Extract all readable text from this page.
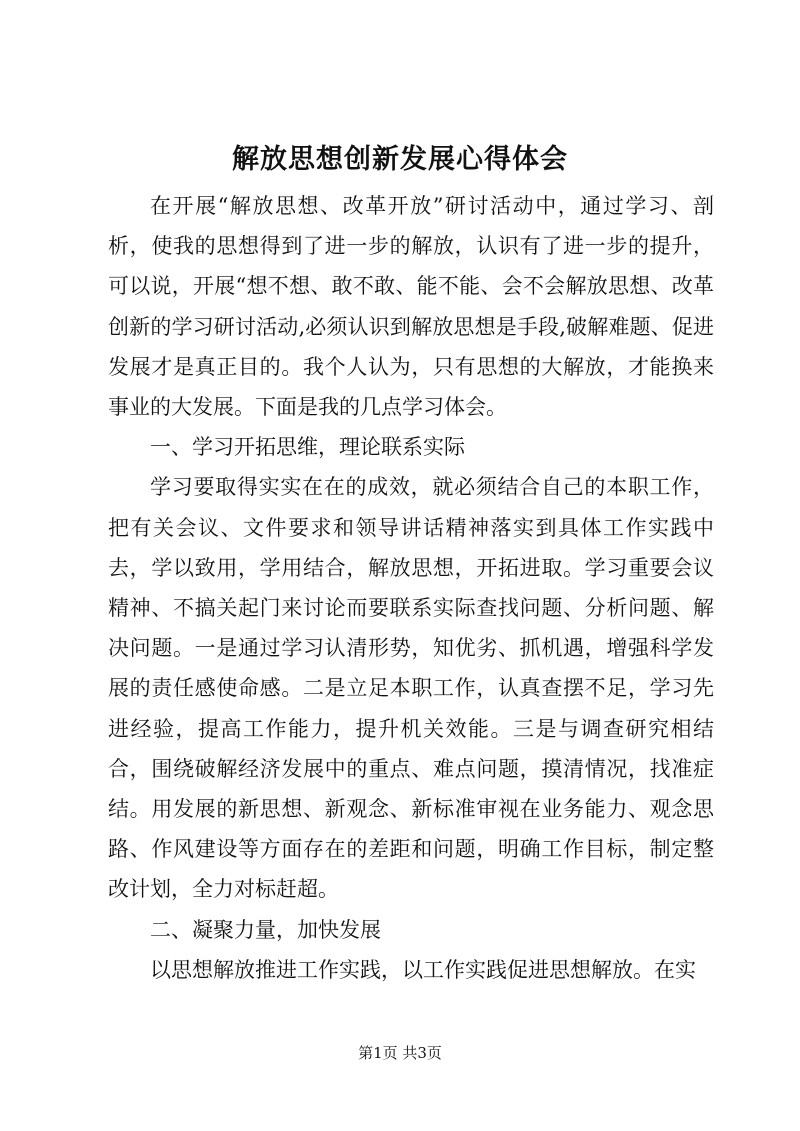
解放思想创新发展心得体会

在开展“解放思想、改革开放”研讨活动中，通过学习、剖析，使我的思想得到了进一步的解放，认识有了进一步的提升，可以说，开展“想不想、敢不敢、能不能、会不会解放思想、改革创新的学习研讨活动,必须认识到解放思想是手段,破解难题、促进发展才是真正目的。我个人认为，只有思想的大解放，才能换来事业的大发展。下面是我的几点学习体会。

一、学习开拓思维，理论联系实际

学习要取得实实在在的成效，就必须结合自己的本职工作，把有关会议、文件要求和领导讲话精神落实到具体工作实践中去，学以致用，学用结合，解放思想，开拓进取。学习重要会议精神、不搞关起门来讨论而要联系实际查找问题、分析问题、解决问题。一是通过学习认清形势，知优劣、抓机遇，增强科学发展的责任感使命感。二是立足本职工作，认真查摆不足，学习先进经验，提高工作能力，提升机关效能。三是与调查研究相结合，围绕破解经济发展中的重点、难点问题，摸清情况，找准症结。用发展的新思想、新观念、新标准审视在业务能力、观念思路、作风建设等方面存在的差距和问题，明确工作目标，制定整改计划，全力对标赶超。

二、凝聚力量，加快发展

以思想解放推进工作实践，以工作实践促进思想解放。在实

第1页 共3页
